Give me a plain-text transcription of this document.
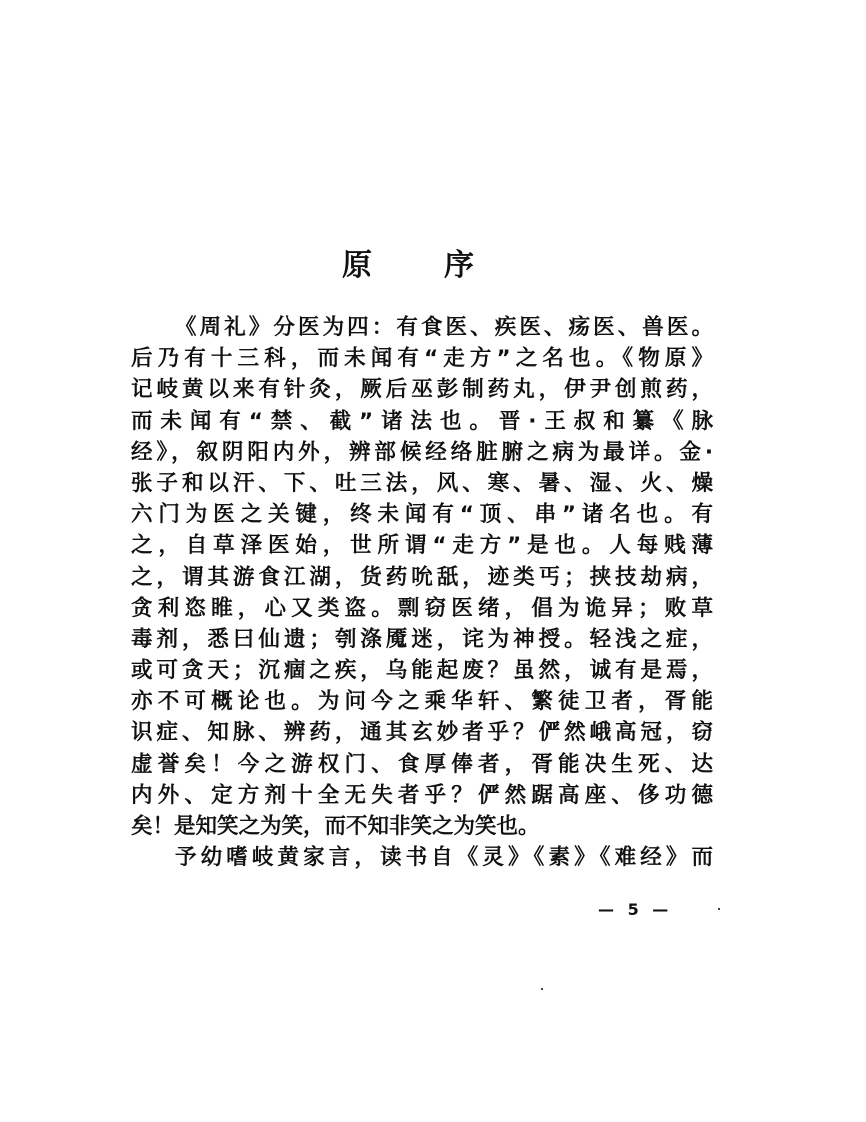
原 序
《周礼》分医为四：有食医、疾医、疡医、兽医。
后乃有十三科，而未闻有“走方”之名也。《物原》
记岐黄以来有针灸，厥后巫彭制药丸，伊尹创煎药，
而未闻有“禁、截”诸法也。晋·王叔和纂《脉
经》，叙阴阳内外，辨部候经络脏腑之病为最详。金·
张子和以汗、下、吐三法，风、寒、暑、湿、火、燥
六门为医之关键，终未闻有“顶、串”诸名也。有
之，自草泽医始，世所谓“走方”是也。人每贱薄
之，谓其游食江湖，货药吮舐，迹类丐；挟技劫病，
贪利恣睢，心又类盗。剽窃医绪，倡为诡异；败草
毒剂，悉曰仙遗；刳涤魇迷，诧为神授。轻浅之症，
或可贪天；沉痼之疾，乌能起废？虽然，诚有是焉，
亦不可概论也。为问今之乘华轩、繁徒卫者，胥能
识症、知脉、辨药，通其玄妙者乎？俨然峨高冠，窃
虚誉矣！今之游权门、食厚俸者，胥能决生死、达
内外、定方剂十全无失者乎？俨然踞高座、侈功德
矣！是知笑之为笑，而不知非笑之为笑也。
予幼嗜岐黄家言，读书自《灵》《素》《难经》而
— 5 —
